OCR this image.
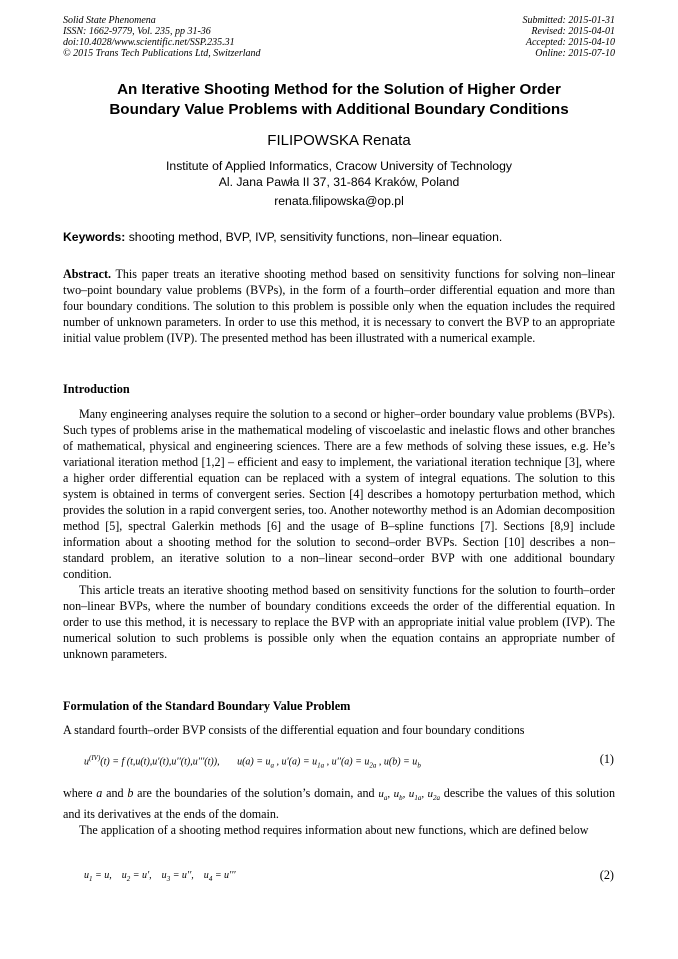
Solid State Phenomena
ISSN: 1662-9779, Vol. 235, pp 31-36
doi:10.4028/www.scientific.net/SSP.235.31
© 2015 Trans Tech Publications Ltd, Switzerland
Submitted: 2015-01-31
Revised: 2015-04-01
Accepted: 2015-04-10
Online: 2015-07-10
An Iterative Shooting Method for the Solution of Higher Order
Boundary Value Problems with Additional Boundary Conditions
FILIPOWSKA Renata
Institute of Applied Informatics, Cracow University of Technology
Al. Jana Pawła II 37, 31-864 Kraków, Poland
renata.filipowska@op.pl
Keywords: shooting method, BVP, IVP, sensitivity functions, non–linear equation.

Abstract. This paper treats an iterative shooting method based on sensitivity functions for solving non–linear two–point boundary value problems (BVPs), in the form of a fourth–order differential equation and more than four boundary conditions. The solution to this problem is possible only when the equation includes the required number of unknown parameters. In order to use this method, it is necessary to convert the BVP to an appropriate initial value problem (IVP). The presented method has been illustrated with a numerical example.

Introduction

Many engineering analyses require the solution to a second or higher–order boundary value problems (BVPs). Such types of problems arise in the mathematical modeling of viscoelastic and inelastic flows and other branches of mathematical, physical and engineering sciences. There are a few methods of solving these issues, e.g. He’s variational iteration method [1,2] – efficient and easy to implement, the variational iteration technique [3], where a higher order differential equation can be replaced with a system of integral equations. The solution to this system is obtained in terms of convergent series. Section [4] describes a homotopy perturbation method, which provides the solution in a rapid convergent series, too. Another noteworthy method is an Adomian decomposition method [5], spectral Galerkin methods [6] and the usage of B–spline functions [7]. Sections [8,9] include information about a shooting method for the solution to second–order BVPs. Section [10] describes a non–standard problem, an iterative solution to a non–linear second–order BVP with one additional boundary condition.

This article treats an iterative shooting method based on sensitivity functions for the solution to fourth–order non–linear BVPs, where the number of boundary conditions exceeds the order of the differential equation. In order to use this method, it is necessary to replace the BVP with an appropriate initial value problem (IVP). The numerical solution to such problems is possible only when the equation contains an appropriate number of unknown parameters.

Formulation of the Standard Boundary Value Problem
A standard fourth–order BVP consists of the differential equation and four boundary conditions
$u^{(IV)}(t) = f$ (t,u(t),u′(t),u′′(t),u′′′(t)),       $u(a) = u_a$ , $u'(a) = u_{1a}$ , $u''(a) = u_{2a}$ , $u(b) = u_b$	(1)

where a and b are the boundaries of the solution’s domain, and $u_a$, $u_b$, $u_{1a}$, $u_{2a}$ describe the values of this solution and its derivatives at the ends of the domain.

The application of a shooting method requires information about new functions, which are defined below

$u_1 = u$,    $u_2 = u'$,    $u_3 = u''$,    $u_4 = u'''$	(2)
